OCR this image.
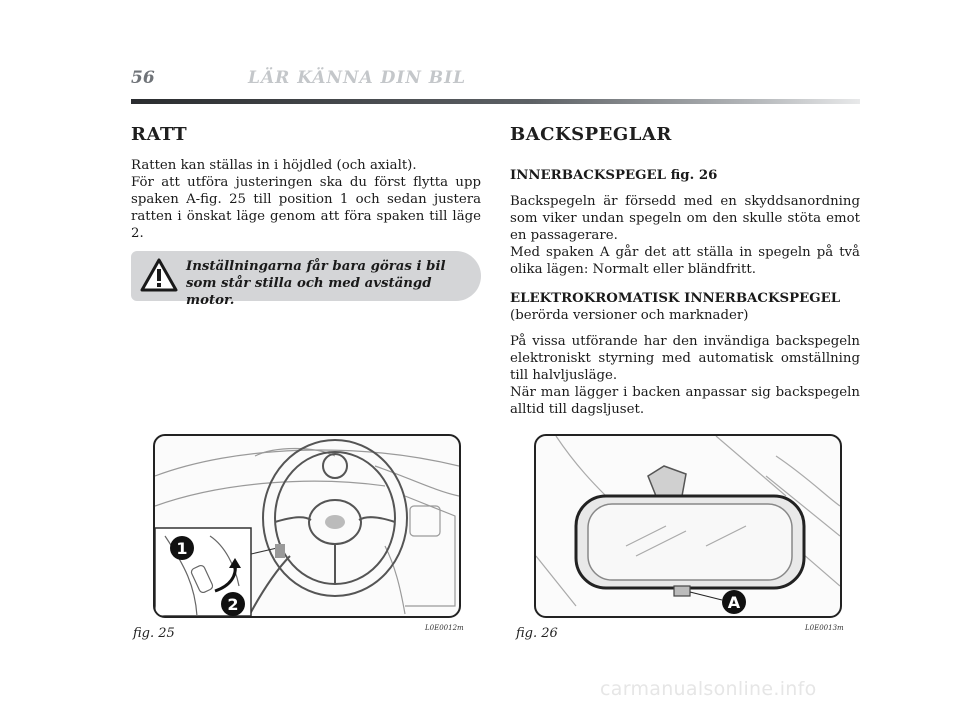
56	LÄR KÄNNA DIN BIL
RATT

Ratten kan ställas in i höjdled (och axialt).

För att utföra justeringen ska du först flytta upp spaken A-fig. 25 till position 1 och sedan justera ratten i önskat läge genom att föra spaken till läge 2.

Inställningarna får bara göras i bil som står stilla och med avstängd motor.
BACKSPEGLAR
INNERBACKSPEGEL fig. 26

Backspegeln är försedd med en skyddsanordning som viker undan spegeln om den skulle stöta emot en passagerare.

Med spaken A går det att ställa in spegeln på två olika lägen: Normalt eller bländfritt.

ELEKTROKROMATISK INNERBACKSPEGEL

(berörda versioner och marknader)

På vissa utförande har den invändiga backspegeln elektroniskt styrning med automatisk omställning till halvljusläge.

När man lägger i backen anpassar sig backspegeln alltid till dagsljuset.

1
2
fig. 25	L0E0012m
A
fig. 26	L0E0013m
carmanualsonline.info
